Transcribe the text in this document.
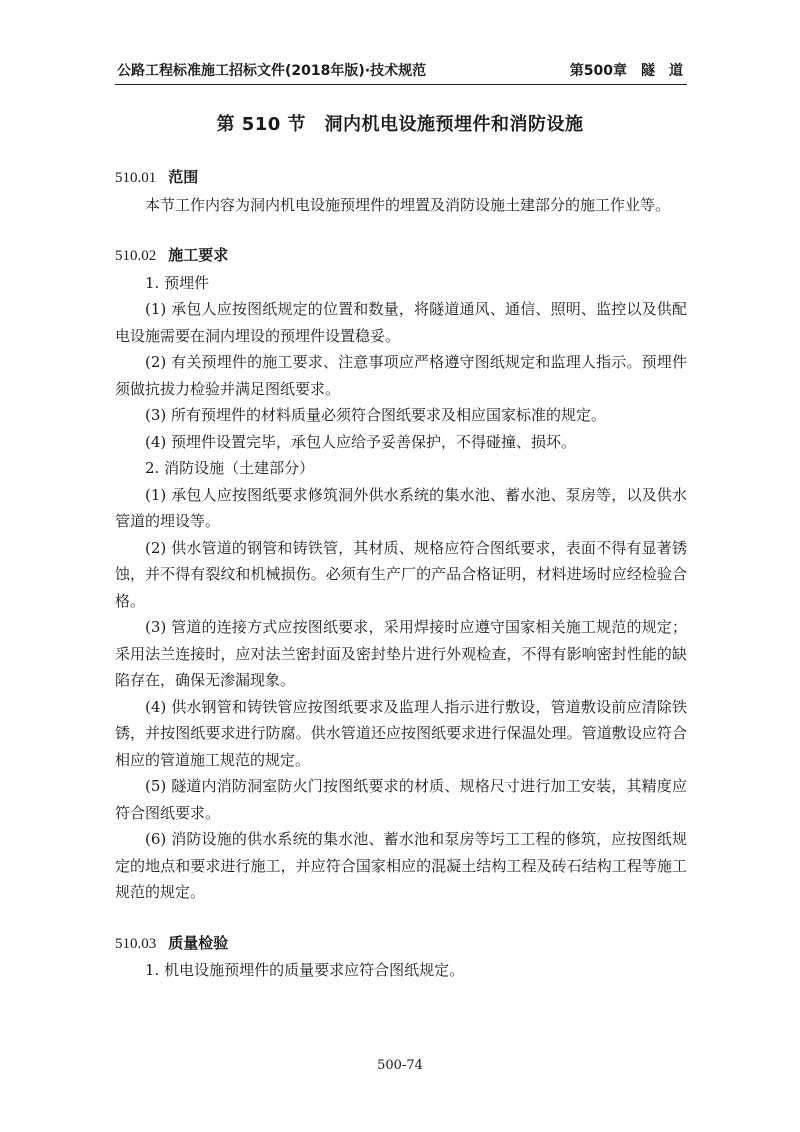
公路工程标准施工招标文件(2018年版)·技术规范	第500章　隧　道
第 510 节　洞内机电设施预埋件和消防设施

510.01 范围

本节工作内容为洞内机电设施预埋件的埋置及消防设施土建部分的施工作业等。

510.02 施工要求

1. 预埋件

(1) 承包人应按图纸规定的位置和数量，将隧道通风、通信、照明、监控以及供配电设施需要在洞内埋设的预埋件设置稳妥。

(2) 有关预埋件的施工要求、注意事项应严格遵守图纸规定和监理人指示。预埋件须做抗拔力检验并满足图纸要求。

(3) 所有预埋件的材料质量必须符合图纸要求及相应国家标准的规定。

(4) 预埋件设置完毕，承包人应给予妥善保护，不得碰撞、损坏。

2. 消防设施（土建部分）

(1) 承包人应按图纸要求修筑洞外供水系统的集水池、蓄水池、泵房等，以及供水管道的埋设等。

(2) 供水管道的钢管和铸铁管，其材质、规格应符合图纸要求，表面不得有显著锈蚀，并不得有裂纹和机械损伤。必须有生产厂的产品合格证明，材料进场时应经检验合格。

(3) 管道的连接方式应按图纸要求，采用焊接时应遵守国家相关施工规范的规定；采用法兰连接时，应对法兰密封面及密封垫片进行外观检查，不得有影响密封性能的缺陷存在，确保无渗漏现象。

(4) 供水钢管和铸铁管应按图纸要求及监理人指示进行敷设，管道敷设前应清除铁锈，并按图纸要求进行防腐。供水管道还应按图纸要求进行保温处理。管道敷设应符合相应的管道施工规范的规定。

(5) 隧道内消防洞室防火门按图纸要求的材质、规格尺寸进行加工安装，其精度应符合图纸要求。

(6) 消防设施的供水系统的集水池、蓄水池和泵房等圬工工程的修筑，应按图纸规定的地点和要求进行施工，并应符合国家相应的混凝土结构工程及砖石结构工程等施工规范的规定。

510.03 质量检验

1. 机电设施预埋件的质量要求应符合图纸规定。

500-74
